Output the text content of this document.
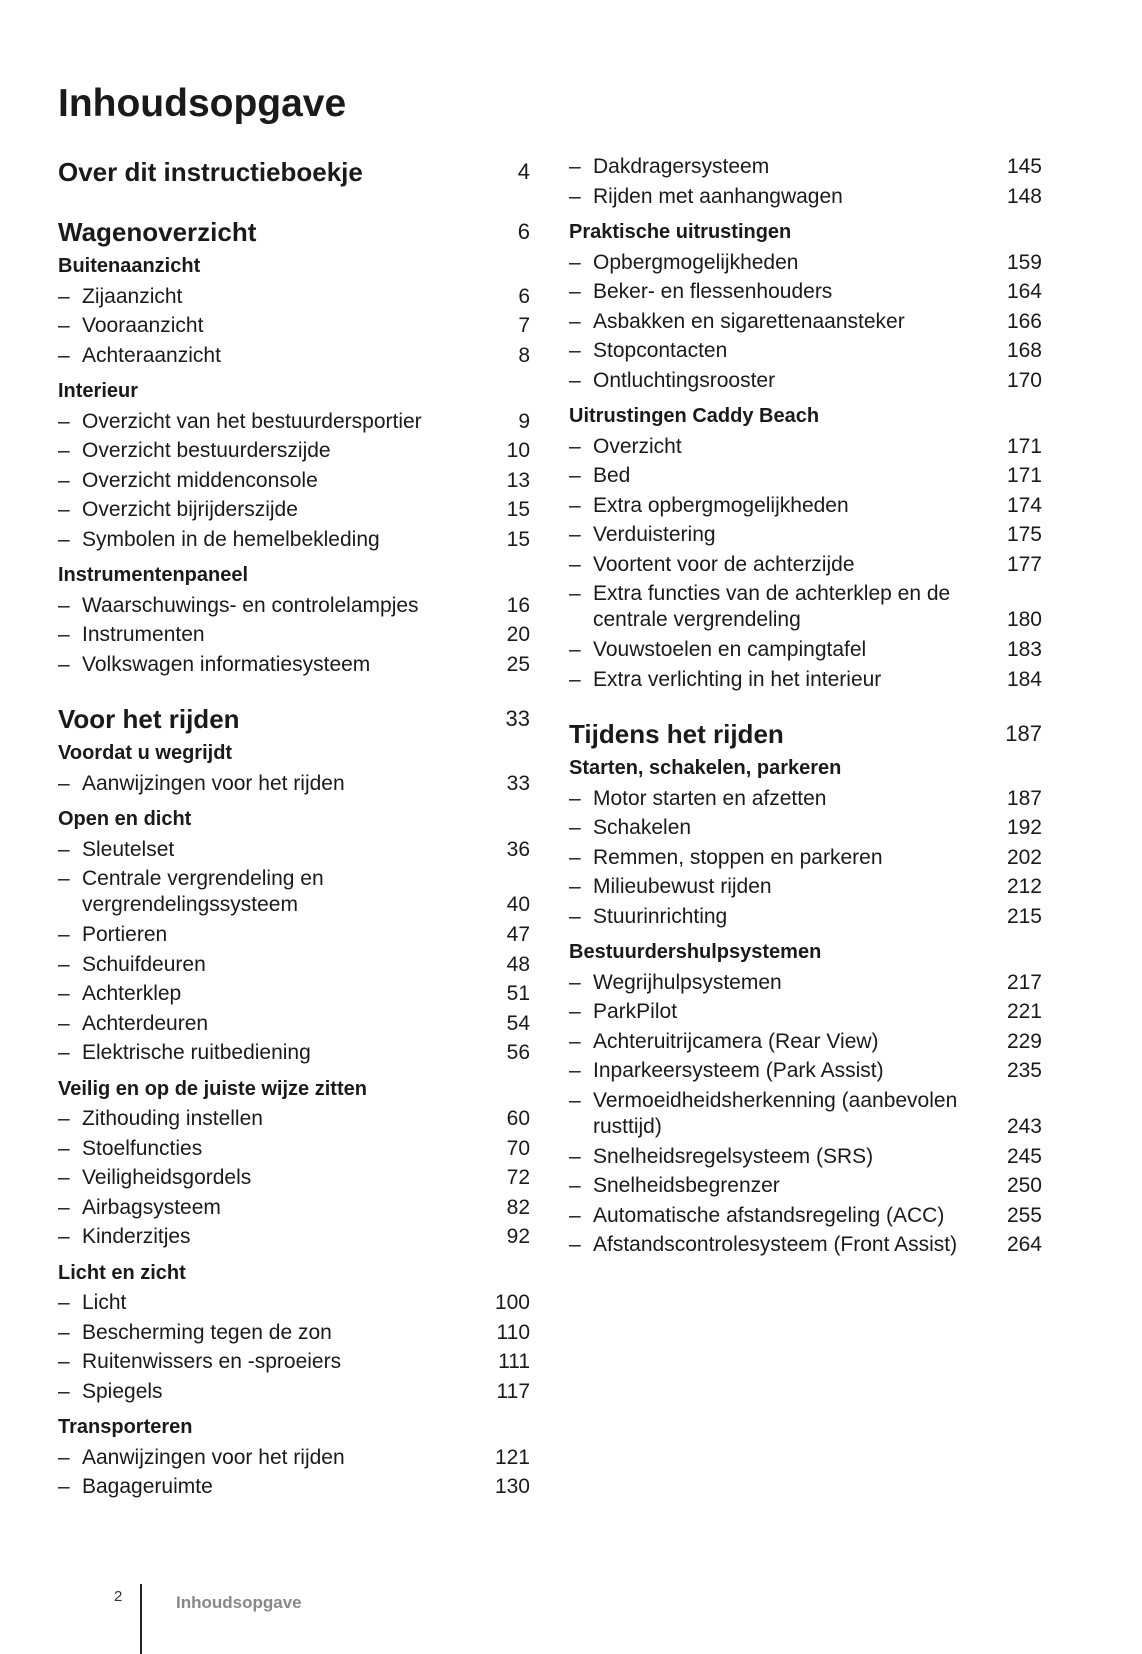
Inhoudsopgave
Over dit instructieboekje	4
Wagenoverzicht	6
Buitenaanzicht
– Zijaanzicht	6
– Vooraanzicht	7
– Achteraanzicht	8
Interieur
– Overzicht van het bestuurdersportier	9
– Overzicht bestuurderszijde	10
– Overzicht middenconsole	13
– Overzicht bijrijderszijde	15
– Symbolen in de hemelbekleding	15
Instrumentenpaneel
– Waarschuwings- en controlelampjes	16
– Instrumenten	20
– Volkswagen informatiesysteem	25
Voor het rijden	33
Voordat u wegrijdt
– Aanwijzingen voor het rijden	33
Open en dicht
– Sleutelset	36
– Centrale vergrendeling en vergrendelingssysteem	40
– Portieren	47
– Schuifdeuren	48
– Achterklep	51
– Achterdeuren	54
– Elektrische ruitbediening	56
Veilig en op de juiste wijze zitten
– Zithouding instellen	60
– Stoelfuncties	70
– Veiligheidsgordels	72
– Airbagsysteem	82
– Kinderzitjes	92
Licht en zicht
– Licht	100
– Bescherming tegen de zon	110
– Ruitenwissers en -sproeiers	111
– Spiegels	117
Transporteren
– Aanwijzingen voor het rijden	121
– Bagageruimte	130
– Dakdragersysteem	145
– Rijden met aanhangwagen	148
Praktische uitrustingen
– Opbergmogelijkheden	159
– Beker- en flessenhouders	164
– Asbakken en sigarettenaansteker	166
– Stopcontacten	168
– Ontluchtingsrooster	170
Uitrustingen Caddy Beach
– Overzicht	171
– Bed	171
– Extra opbergmogelijkheden	174
– Verduistering	175
– Voortent voor de achterzijde	177
– Extra functies van de achterklep en de centrale vergrendeling	180
– Vouwstoelen en campingtafel	183
– Extra verlichting in het interieur	184
Tijdens het rijden	187
Starten, schakelen, parkeren
– Motor starten en afzetten	187
– Schakelen	192
– Remmen, stoppen en parkeren	202
– Milieubewust rijden	212
– Stuurinrichting	215
Bestuurdershulpsystemen
– Wegrijhulpsystemen	217
– ParkPilot	221
– Achteruitrijcamera (Rear View)	229
– Inparkeersysteem (Park Assist)	235
– Vermoeidheidsherkenning (aanbevolen rusttijd)	243
– Snelheidsregelsysteem (SRS)	245
– Snelheidsbegrenzer	250
– Automatische afstandsregeling (ACC)	255
– Afstandscontrolesysteem (Front Assist) 264
2	Inhoudsopgave
